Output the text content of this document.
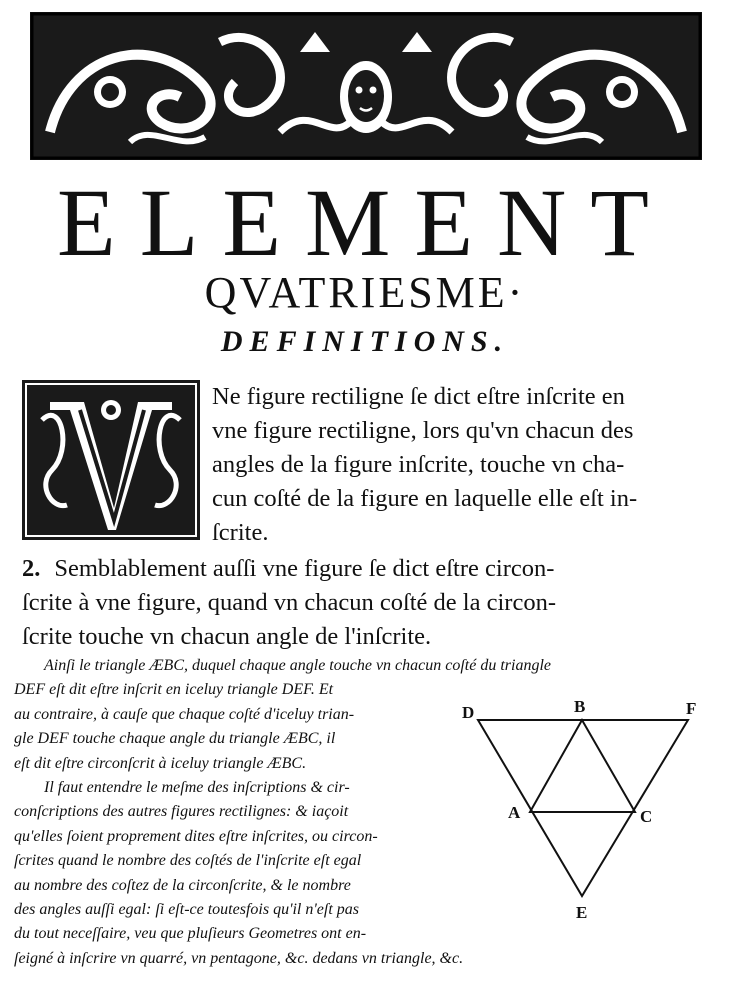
ELEMENT
QVATRIESME·
DEFINITIONS.

Ne figure rectiligne ſe dict eſtre inſcrite en
vne figure rectiligne, lors qu'vn chacun des
angles de la figure inſcrite, touche vn cha-
cun coſté de la figure en laquelle elle eſt in-
ſcrite.

2. Semblablement auſſi vne figure ſe dict eſtre circon-
ſcrite à vne figure, quand vn chacun coſté de la circon-
ſcrite touche vn chacun angle de l'inſcrite.

Ainſi le triangle ÆBC, duquel chaque angle touche vn chacun coſté du triangle
DEF eſt dit eſtre inſcrit en iceluy triangle DEF. Et
au contraire, à cauſe que chaque coſté d'iceluy trian-
gle DEF touche chaque angle du triangle ÆBC, il
eſt dit eſtre circonſcrit à iceluy triangle ÆBC.
Il faut entendre le meſme des inſcriptions & cir-
conſcriptions des autres figures rectilignes: & iaçoit
qu'elles ſoient proprement dites eſtre inſcrites, ou circon-
ſcrites quand le nombre des coſtés de l'inſcrite eſt egal
au nombre des coſtez de la circonſcrite, & le nombre
des angles auſſi egal: ſi eſt-ce toutesfois qu'il n'eſt pas
du tout neceſſaire, veu que pluſieurs Geometres ont en-
ſeigné à inſcrire vn quarré, vn pentagone, &c. dedans vn triangle, &c.

D	B	F
A	C
E
